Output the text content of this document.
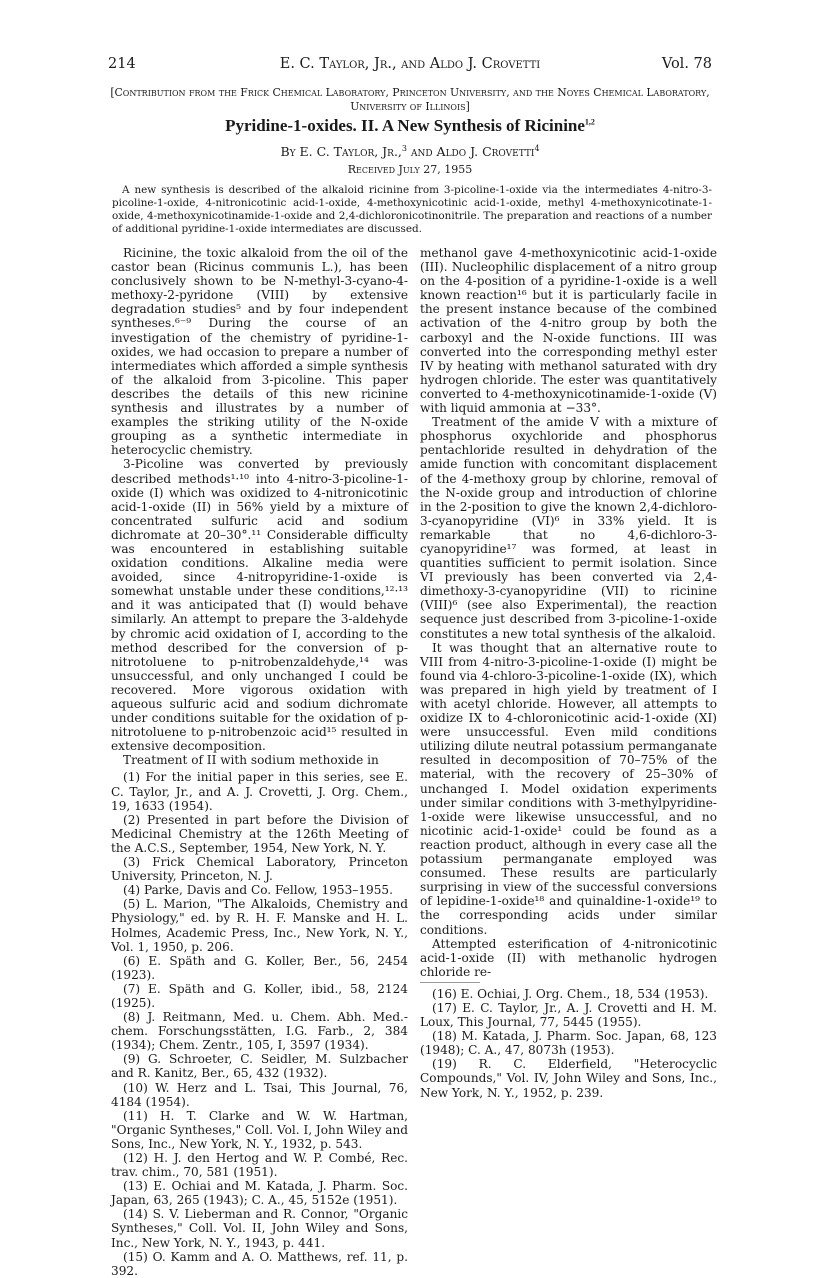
214	E. C. Taylor, Jr., and Aldo J. Crovetti	Vol. 78
[Contribution from the Frick Chemical Laboratory, Princeton University, and the Noyes Chemical Laboratory, University of Illinois]
Pyridine-1-oxides. II. A New Synthesis of Ricinine$^{1,2}$
By E. C. Taylor, Jr.,$^3$ and Aldo J. Crovetti$^4$
Received July 27, 1955
A new synthesis is described of the alkaloid ricinine from 3-picoline-1-oxide via the intermediates 4-nitro-3-picoline-1-oxide, 4-nitronicotinic acid-1-oxide, 4-methoxynicotinic acid-1-oxide, methyl 4-methoxynicotinate-1-oxide, 4-methoxynicotinamide-1-oxide and 2,4-dichloronicotinonitrile. The preparation and reactions of a number of additional pyridine-1-oxide intermediates are discussed.

Ricinine, the toxic alkaloid from the oil of the castor bean (Ricinus communis L.), has been conclusively shown to be N-methyl-3-cyano-4-methoxy-2-pyridone (VIII) by extensive degradation studies⁵ and by four independent syntheses.⁶⁻⁹ During the course of an investigation of the chemistry of pyridine-1-oxides, we had occasion to prepare a number of intermediates which afforded a simple synthesis of the alkaloid from 3-picoline. This paper describes the details of this new ricinine synthesis and illustrates by a number of examples the striking utility of the N-oxide grouping as a synthetic intermediate in heterocyclic chemistry.

3-Picoline was converted by previously described methods¹·¹⁰ into 4-nitro-3-picoline-1-oxide (I) which was oxidized to 4-nitronicotinic acid-1-oxide (II) in 56% yield by a mixture of concentrated sulfuric acid and sodium dichromate at 20–30°.¹¹ Considerable difficulty was encountered in establishing suitable oxidation conditions. Alkaline media were avoided, since 4-nitropyridine-1-oxide is somewhat unstable under these conditions,¹²·¹³ and it was anticipated that (I) would behave similarly. An attempt to prepare the 3-aldehyde by chromic acid oxidation of I, according to the method described for the conversion of p-nitrotoluene to p-nitrobenzaldehyde,¹⁴ was unsuccessful, and only unchanged I could be recovered. More vigorous oxidation with aqueous sulfuric acid and sodium dichromate under conditions suitable for the oxidation of p-nitrotoluene to p-nitrobenzoic acid¹⁵ resulted in extensive decomposition.

Treatment of II with sodium methoxide in

(1) For the initial paper in this series, see E. C. Taylor, Jr., and A. J. Crovetti, J. Org. Chem., 19, 1633 (1954).

(2) Presented in part before the Division of Medicinal Chemistry at the 126th Meeting of the A.C.S., September, 1954, New York, N. Y.

(3) Frick Chemical Laboratory, Princeton University, Princeton, N. J.

(4) Parke, Davis and Co. Fellow, 1953–1955.

(5) L. Marion, "The Alkaloids, Chemistry and Physiology," ed. by R. H. F. Manske and H. L. Holmes, Academic Press, Inc., New York, N. Y., Vol. 1, 1950, p. 206.

(6) E. Späth and G. Koller, Ber., 56, 2454 (1923).

(7) E. Späth and G. Koller, ibid., 58, 2124 (1925).

(8) J. Reitmann, Med. u. Chem. Abh. Med.-chem. Forschungsstätten, I.G. Farb., 2, 384 (1934); Chem. Zentr., 105, I, 3597 (1934).

(9) G. Schroeter, C. Seidler, M. Sulzbacher and R. Kanitz, Ber., 65, 432 (1932).

(10) W. Herz and L. Tsai, This Journal, 76, 4184 (1954).

(11) H. T. Clarke and W. W. Hartman, "Organic Syntheses," Coll. Vol. I, John Wiley and Sons, Inc., New York, N. Y., 1932, p. 543.

(12) H. J. den Hertog and W. P. Combé, Rec. trav. chim., 70, 581 (1951).

(13) E. Ochiai and M. Katada, J. Pharm. Soc. Japan, 63, 265 (1943); C. A., 45, 5152e (1951).

(14) S. V. Lieberman and R. Connor, "Organic Syntheses," Coll. Vol. II, John Wiley and Sons, Inc., New York, N. Y., 1943, p. 441.

(15) O. Kamm and A. O. Matthews, ref. 11, p. 392.

methanol gave 4-methoxynicotinic acid-1-oxide (III). Nucleophilic displacement of a nitro group on the 4-position of a pyridine-1-oxide is a well known reaction¹⁶ but it is particularly facile in the present instance because of the combined activation of the 4-nitro group by both the carboxyl and the N-oxide functions. III was converted into the corresponding methyl ester IV by heating with methanol saturated with dry hydrogen chloride. The ester was quantitatively converted to 4-methoxynicotinamide-1-oxide (V) with liquid ammonia at −33°.

Treatment of the amide V with a mixture of phosphorus oxychloride and phosphorus pentachloride resulted in dehydration of the amide function with concomitant displacement of the 4-methoxy group by chlorine, removal of the N-oxide group and introduction of chlorine in the 2-position to give the known 2,4-dichloro-3-cyanopyridine (VI)⁶ in 33% yield. It is remarkable that no 4,6-dichloro-3-cyanopyridine¹⁷ was formed, at least in quantities sufficient to permit isolation. Since VI previously has been converted via 2,4-dimethoxy-3-cyanopyridine (VII) to ricinine (VIII)⁶ (see also Experimental), the reaction sequence just described from 3-picoline-1-oxide constitutes a new total synthesis of the alkaloid.

It was thought that an alternative route to VIII from 4-nitro-3-picoline-1-oxide (I) might be found via 4-chloro-3-picoline-1-oxide (IX), which was prepared in high yield by treatment of I with acetyl chloride. However, all attempts to oxidize IX to 4-chloronicotinic acid-1-oxide (XI) were unsuccessful. Even mild conditions utilizing dilute neutral potassium permanganate resulted in decomposition of 70–75% of the material, with the recovery of 25–30% of unchanged I. Model oxidation experiments under similar conditions with 3-methylpyridine-1-oxide were likewise unsuccessful, and no nicotinic acid-1-oxide¹ could be found as a reaction product, although in every case all the potassium permanganate employed was consumed. These results are particularly surprising in view of the successful conversions of lepidine-1-oxide¹⁸ and quinaldine-1-oxide¹⁹ to the corresponding acids under similar conditions.

Attempted esterification of 4-nitronicotinic acid-1-oxide (II) with methanolic hydrogen chloride re-

(16) E. Ochiai, J. Org. Chem., 18, 534 (1953).

(17) E. C. Taylor, Jr., A. J. Crovetti and H. M. Loux, This Journal, 77, 5445 (1955).

(18) M. Katada, J. Pharm. Soc. Japan, 68, 123 (1948); C. A., 47, 8073h (1953).

(19) R. C. Elderfield, "Heterocyclic Compounds," Vol. IV, John Wiley and Sons, Inc., New York, N. Y., 1952, p. 239.
